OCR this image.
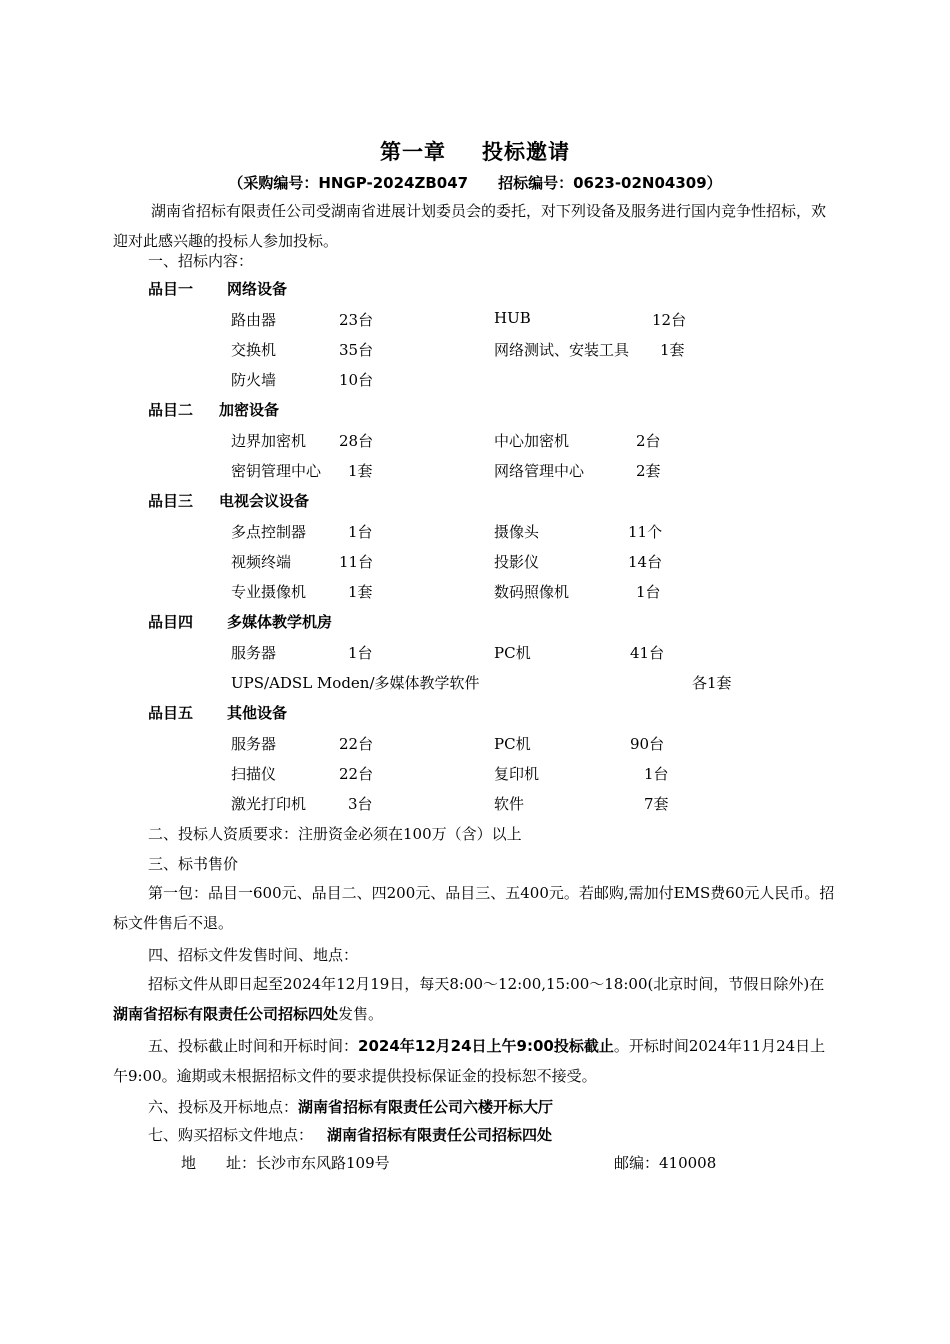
第一章 投标邀请
（采购编号：HNGP-2024ZB047 招标编号：0623-02N04309）
湖南省招标有限责任公司受湖南省进展计划委员会的委托，对下列设备及服务进行国内竞争性招标，欢迎对此感兴趣的投标人参加投标。
一、招标内容：
品目一 网络设备
路由器	23台	HUB	12台
交换机	35台	网络测试、安装工具 1套
防火墙	10台
品目二 加密设备
边界加密机 28台	中心加密机	2台
密钥管理中心 1套	网络管理中心	2套
品目三 电视会议设备
多点控制器	1台	摄像头	11个
视频终端	11台	投影仪	14台
专业摄像机	1套	数码照像机	1台
品目四 多媒体教学机房
服务器	1台	PC机	41台
UPS/ADSL Moden/多媒体教学软件	各1套
品目五 其他设备
服务器	22台	PC机	90台
扫描仪	22台	复印机	1台
激光打印机	3台	软件	7套
二、投标人资质要求：注册资金必须在100万（含）以上
三、标书售价
第一包：品目一600元、品目二、四200元、品目三、五400元。若邮购,需加付EMS费60元人民币。招标文件售后不退。
四、招标文件发售时间、地点：
招标文件从即日起至2024年12月19日，每天8:00～12:00,15:00～18:00(北京时间，节假日除外)在湖南省招标有限责任公司招标四处发售。
五、投标截止时间和开标时间：2024年12月24日上午9:00投标截止。开标时间2024年11月24日上午9:00。逾期或未根据招标文件的要求提供投标保证金的投标恕不接受。
六、投标及开标地点：湖南省招标有限责任公司六楼开标大厅
七、购买招标文件地点： 湖南省招标有限责任公司招标四处
地　　址：长沙市东风路109号	邮编：410008
